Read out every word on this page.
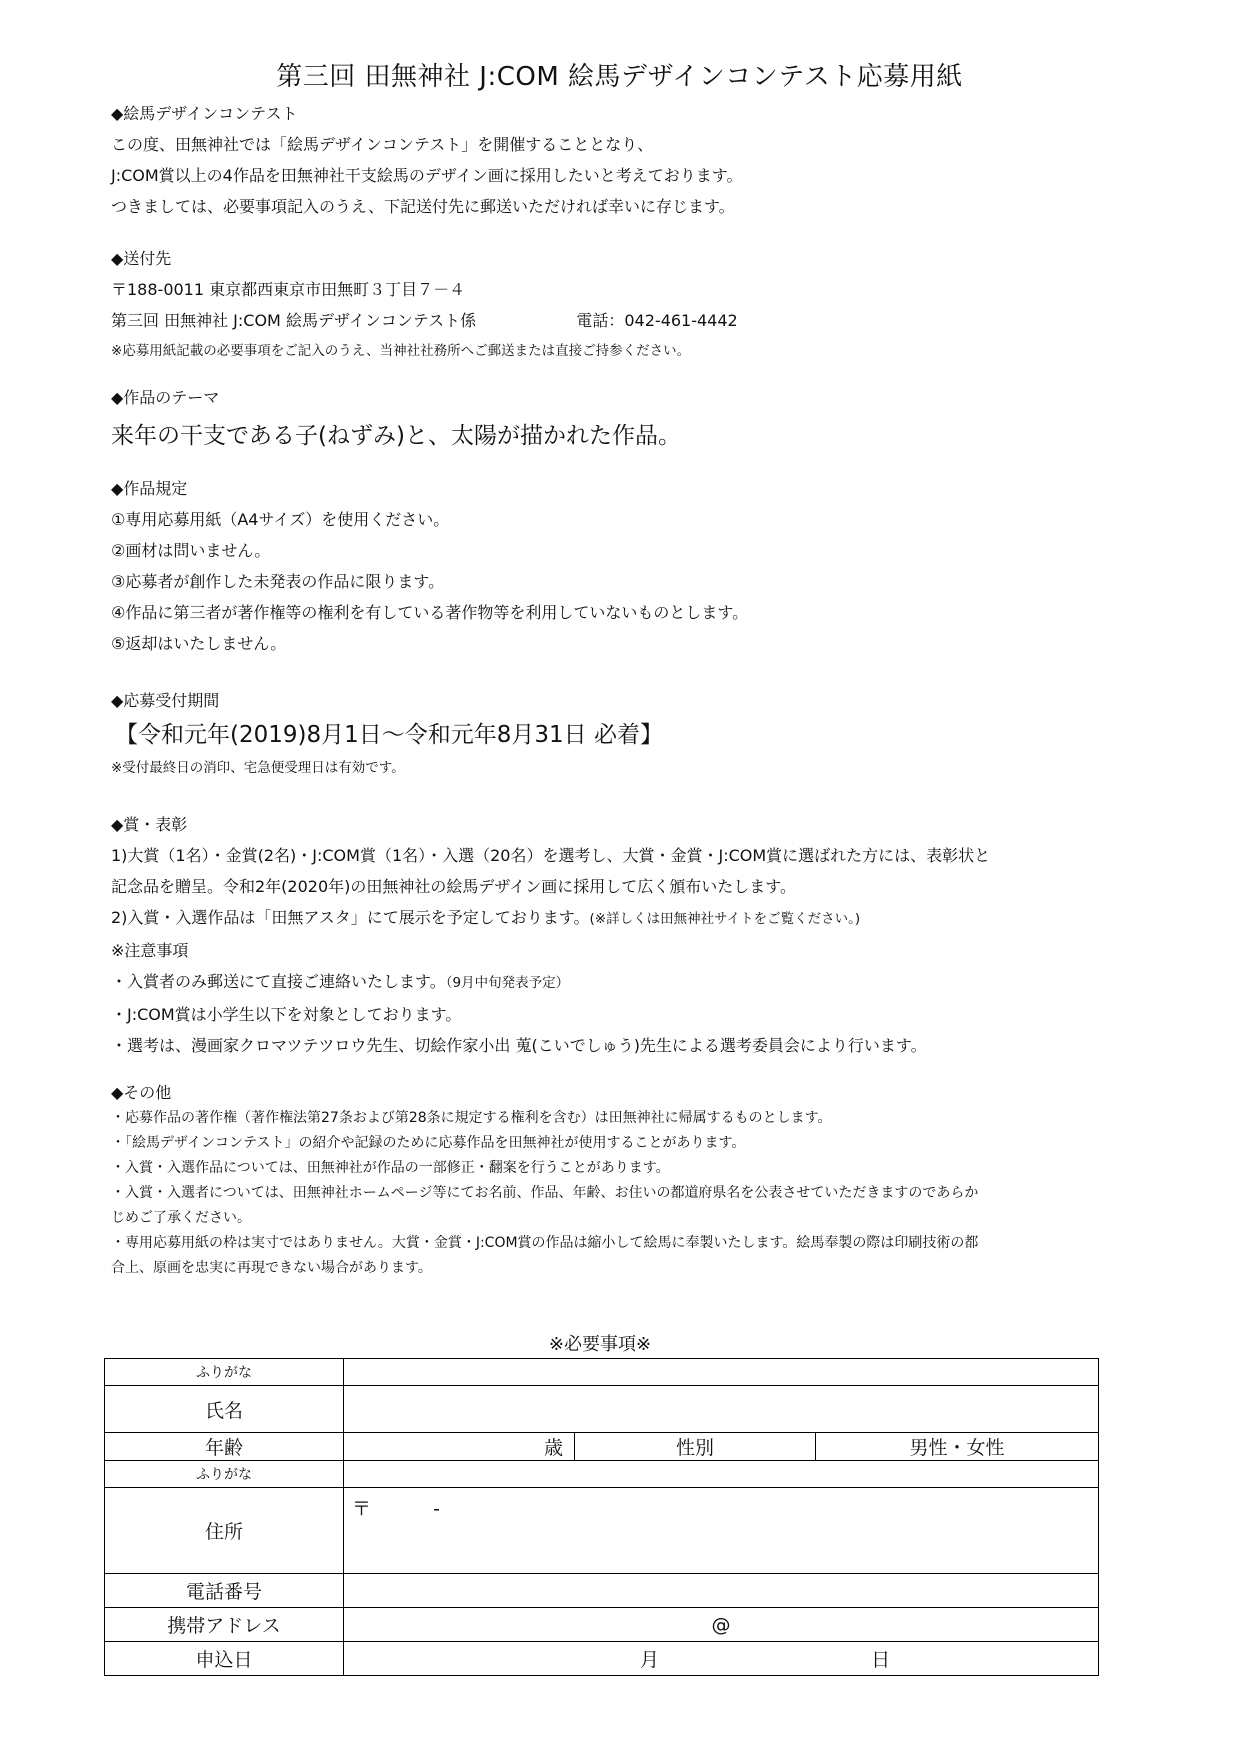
第三回 田無神社 J:COM 絵馬デザインコンテスト応募用紙
◆絵馬デザインコンテスト
この度、田無神社では「絵馬デザインコンテスト」を開催することとなり、
J:COM賞以上の4作品を田無神社干支絵馬のデザイン画に採用したいと考えております。
つきましては、必要事項記入のうえ、下記送付先に郵送いただければ幸いに存じます。
◆送付先
〒188-0011 東京都西東京市田無町３丁目７－４
第三回 田無神社 J:COM 絵馬デザインコンテスト係	電話：042-461-4442
※応募用紙記載の必要事項をご記入のうえ、当神社社務所へご郵送または直接ご持参ください。
◆作品のテーマ
来年の干支である子(ねずみ)と、太陽が描かれた作品。
◆作品規定
①専用応募用紙（A4サイズ）を使用ください。
②画材は問いません。
③応募者が創作した未発表の作品に限ります。
④作品に第三者が著作権等の権利を有している著作物等を利用していないものとします。
⑤返却はいたしません。
◆応募受付期間
【令和元年(2019)8月1日～令和元年8月31日 必着】
※受付最終日の消印、宅急便受理日は有効です。
◆賞・表彰
1)大賞（1名）・金賞(2名)・J:COM賞（1名）・入選（20名）を選考し、大賞・金賞・J:COM賞に選ばれた方には、表彰状と
記念品を贈呈。令和2年(2020年)の田無神社の絵馬デザイン画に採用して広く頒布いたします。
2)入賞・入選作品は「田無アスタ」にて展示を予定しております。(※詳しくは田無神社サイトをご覧ください。)
※注意事項
・入賞者のみ郵送にて直接ご連絡いたします。（9月中旬発表予定）
・J:COM賞は小学生以下を対象としております。
・選考は、漫画家クロマツテツロウ先生、切絵作家小出 蒐(こいでしゅう)先生による選考委員会により行います。
◆その他
・応募作品の著作権（著作権法第27条および第28条に規定する権利を含む）は田無神社に帰属するものとします。
・「絵馬デザインコンテスト」の紹介や記録のために応募作品を田無神社が使用することがあります。
・入賞・入選作品については、田無神社が作品の一部修正・翻案を行うことがあります。
・入賞・入選者については、田無神社ホームページ等にてお名前、作品、年齢、お住いの都道府県名を公表させていただきますのであらか
じめご了承ください。
・専用応募用紙の枠は実寸ではありません。大賞・金賞・J:COM賞の作品は縮小して絵馬に奉製いたします。絵馬奉製の際は印刷技術の都
合上、原画を忠実に再現できない場合があります。
※必要事項※
ふりがな				
氏名				
年齢		歳	性別	男性・女性
ふりがな				
住所	〒 -			
電話番号				
携帯アドレス	@			
申込日	月 日			
